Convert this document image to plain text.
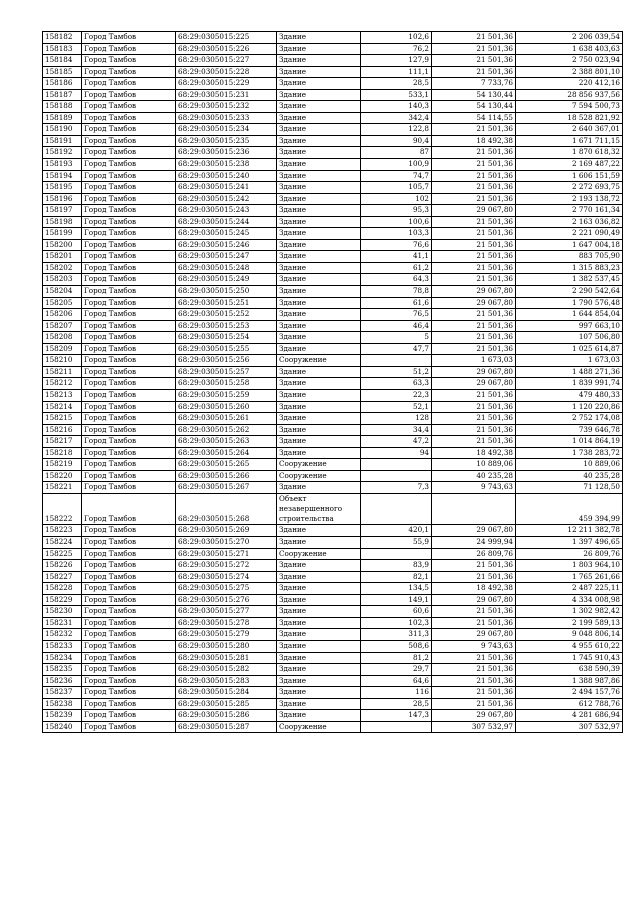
158182	Город Тамбов	68:29:0305015:225	Здание	102,6	21 501,36	2 206 039,54
158183	Город Тамбов	68:29:0305015:226	Здание	76,2	21 501,36	1 638 403,63
158184	Город Тамбов	68:29:0305015:227	Здание	127,9	21 501,36	2 750 023,94
158185	Город Тамбов	68:29:0305015:228	Здание	111,1	21 501,36	2 388 801,10
158186	Город Тамбов	68:29:0305015:229	Здание	28,5	7 733,76	220 412,16
158187	Город Тамбов	68:29:0305015:231	Здание	533,1	54 130,44	28 856 937,56
158188	Город Тамбов	68:29:0305015:232	Здание	140,3	54 130,44	7 594 500,73
158189	Город Тамбов	68:29:0305015:233	Здание	342,4	54 114,55	18 528 821,92
158190	Город Тамбов	68:29:0305015:234	Здание	122,8	21 501,36	2 640 367,01
158191	Город Тамбов	68:29:0305015:235	Здание	90,4	18 492,38	1 671 711,15
158192	Город Тамбов	68:29:0305015:236	Здание	87	21 501,36	1 870 618,32
158193	Город Тамбов	68:29:0305015:238	Здание	100,9	21 501,36	2 169 487,22
158194	Город Тамбов	68:29:0305015:240	Здание	74,7	21 501,36	1 606 151,59
158195	Город Тамбов	68:29:0305015:241	Здание	105,7	21 501,36	2 272 693,75
158196	Город Тамбов	68:29:0305015:242	Здание	102	21 501,36	2 193 138,72
158197	Город Тамбов	68:29:0305015:243	Здание	95,3	29 067,80	2 770 161,34
158198	Город Тамбов	68:29:0305015:244	Здание	100,6	21 501,36	2 163 036,82
158199	Город Тамбов	68:29:0305015:245	Здание	103,3	21 501,36	2 221 090,49
158200	Город Тамбов	68:29:0305015:246	Здание	76,6	21 501,36	1 647 004,18
158201	Город Тамбов	68:29:0305015:247	Здание	41,1	21 501,36	883 705,90
158202	Город Тамбов	68:29:0305015:248	Здание	61,2	21 501,36	1 315 883,23
158203	Город Тамбов	68:29:0305015:249	Здание	64,3	21 501,36	1 382 537,45
158204	Город Тамбов	68:29:0305015:250	Здание	78,8	29 067,80	2 290 542,64
158205	Город Тамбов	68:29:0305015:251	Здание	61,6	29 067,80	1 790 576,48
158206	Город Тамбов	68:29:0305015:252	Здание	76,5	21 501,36	1 644 854,04
158207	Город Тамбов	68:29:0305015:253	Здание	46,4	21 501,36	997 663,10
158208	Город Тамбов	68:29:0305015:254	Здание	5	21 501,36	107 506,80
158209	Город Тамбов	68:29:0305015:255	Здание	47,7	21 501,36	1 025 614,87
158210	Город Тамбов	68:29:0305015:256	Сооружение		1 673,03	1 673,03
158211	Город Тамбов	68:29:0305015:257	Здание	51,2	29 067,80	1 488 271,36
158212	Город Тамбов	68:29:0305015:258	Здание	63,3	29 067,80	1 839 991,74
158213	Город Тамбов	68:29:0305015:259	Здание	22,3	21 501,36	479 480,33
158214	Город Тамбов	68:29:0305015:260	Здание	52,1	21 501,36	1 120 220,86
158215	Город Тамбов	68:29:0305015:261	Здание	128	21 501,36	2 752 174,08
158216	Город Тамбов	68:29:0305015:262	Здание	34,4	21 501,36	739 646,78
158217	Город Тамбов	68:29:0305015:263	Здание	47,2	21 501,36	1 014 864,19
158218	Город Тамбов	68:29:0305015:264	Здание	94	18 492,38	1 738 283,72
158219	Город Тамбов	68:29:0305015:265	Сооружение		10 889,06	10 889,06
158220	Город Тамбов	68:29:0305015:266	Сооружение		40 235,28	40 235,28
158221	Город Тамбов	68:29:0305015:267	Здание	7,3	9 743,63	71 128,50
158222	Город Тамбов	68:29:0305015:268	Объект незавершенного строительства			459 394,99
158223	Город Тамбов	68:29:0305015:269	Здание	420,1	29 067,80	12 211 382,78
158224	Город Тамбов	68:29:0305015:270	Здание	55,9	24 999,94	1 397 496,65
158225	Город Тамбов	68:29:0305015:271	Сооружение		26 809,76	26 809,76
158226	Город Тамбов	68:29:0305015:272	Здание	83,9	21 501,36	1 803 964,10
158227	Город Тамбов	68:29:0305015:274	Здание	82,1	21 501,36	1 765 261,66
158228	Город Тамбов	68:29:0305015:275	Здание	134,5	18 492,38	2 487 225,11
158229	Город Тамбов	68:29:0305015:276	Здание	149,1	29 067,80	4 334 008,98
158230	Город Тамбов	68:29:0305015:277	Здание	60,6	21 501,36	1 302 982,42
158231	Город Тамбов	68:29:0305015:278	Здание	102,3	21 501,36	2 199 589,13
158232	Город Тамбов	68:29:0305015:279	Здание	311,3	29 067,80	9 048 806,14
158233	Город Тамбов	68:29:0305015:280	Здание	508,6	9 743,63	4 955 610,22
158234	Город Тамбов	68:29:0305015:281	Здание	81,2	21 501,36	1 745 910,43
158235	Город Тамбов	68:29:0305015:282	Здание	29,7	21 501,36	638 590,39
158236	Город Тамбов	68:29:0305015:283	Здание	64,6	21 501,36	1 388 987,86
158237	Город Тамбов	68:29:0305015:284	Здание	116	21 501,36	2 494 157,76
158238	Город Тамбов	68:29:0305015:285	Здание	28,5	21 501,36	612 788,76
158239	Город Тамбов	68:29:0305015:286	Здание	147,3	29 067,80	4 281 686,94
158240	Город Тамбов	68:29:0305015:287	Сооружение		307 532,97	307 532,97
